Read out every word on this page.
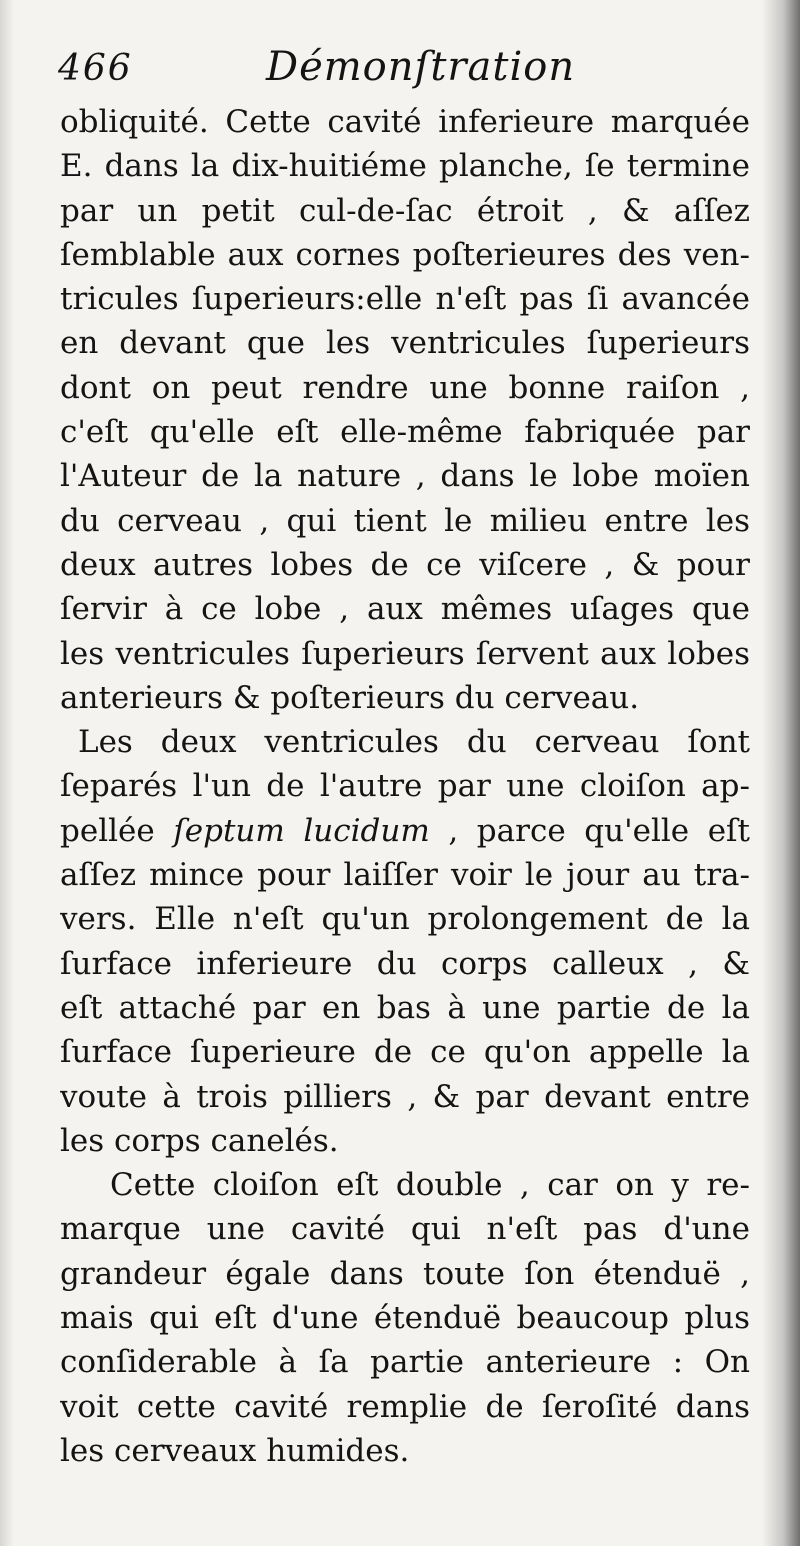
466	Démonſtration
obliquité. Cette cavité inferieure marquée
E. dans la dix-huitiéme planche, ſe termine
par un petit cul-de-ſac étroit , & aſſez
ſemblable aux cornes poſterieures des ven-
tricules ſuperieurs:elle n'eſt pas ſi avancée
en devant que les ventricules ſuperieurs
dont on peut rendre une bonne raiſon ,
c'eſt qu'elle eſt elle-même fabriquée par
l'Auteur de la nature , dans le lobe moïen
du cerveau , qui tient le milieu entre les
deux autres lobes de ce viſcere , & pour
ſervir à ce lobe , aux mêmes uſages que
les ventricules ſuperieurs ſervent aux lobes
anterieurs & poſterieurs du cerveau.
Les deux ventricules du cerveau ſont
ſeparés l'un de l'autre par une cloiſon ap-
pellée ſeptum lucidum , parce qu'elle eſt
aſſez mince pour laiſſer voir le jour au tra-
vers. Elle n'eſt qu'un prolongement de la
ſurface inferieure du corps calleux , &
eſt attaché par en bas à une partie de la
ſurface ſuperieure de ce qu'on appelle la
voute à trois pilliers , & par devant entre
les corps canelés.
Cette cloiſon eſt double , car on y re-
marque une cavité qui n'eſt pas d'une
grandeur égale dans toute ſon étenduë ,
mais qui eſt d'une étenduë beaucoup plus
conſiderable à ſa partie anterieure : On
voit cette cavité remplie de ſeroſité dans
les cerveaux humides.
